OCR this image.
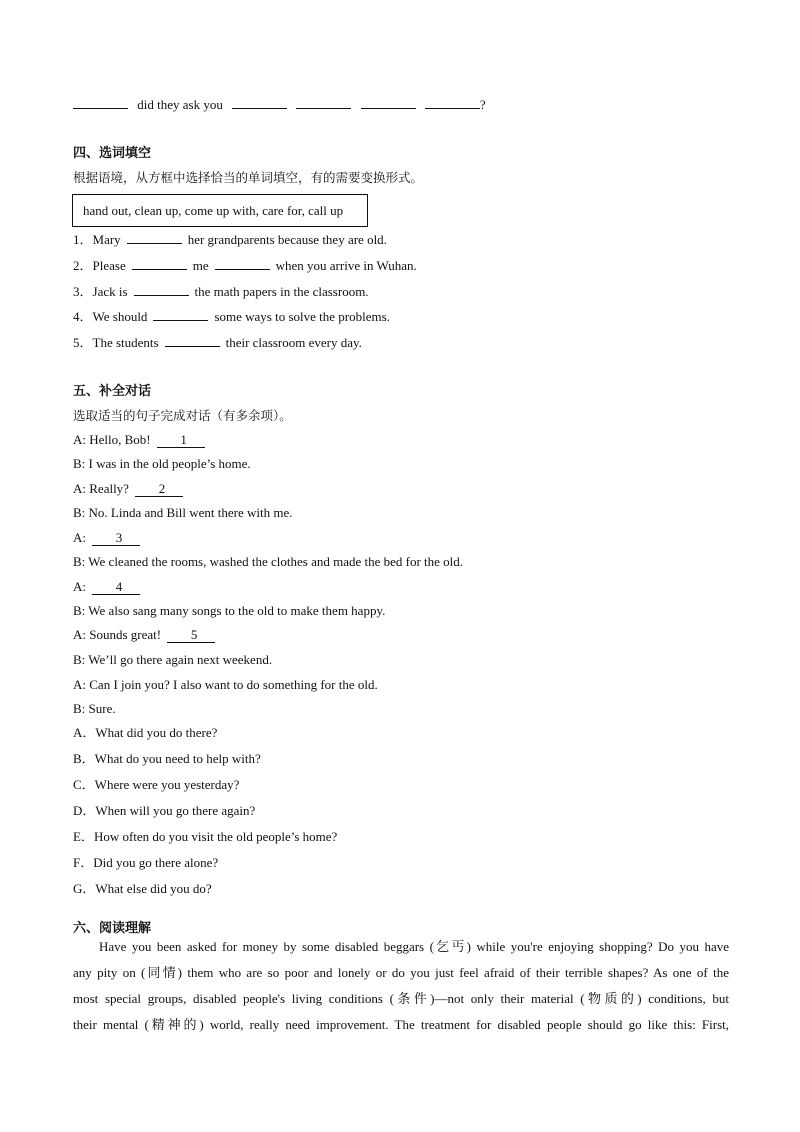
did they ask you	?
四、选词填空
根据语境，从方框中选择恰当的单词填空，有的需要变换形式。
hand out, clean up, come up with, care for, call up
1．Mary	her grandparents because they are old.
2．Please	me	when you arrive in Wuhan.
3．Jack is	the math papers in the classroom.
4．We should	some ways to solve the problems.
5．The students	their classroom every day.
五、补全对话
选取适当的句子完成对话（有多余项）。
A: Hello, Bob! 1
B: I was in the old people’s home.
A: Really? 2
B: No. Linda and Bill went there with me.
A: 3
B: We cleaned the rooms, washed the clothes and made the bed for the old.
A: 4
B: We also sang many songs to the old to make them happy.
A: Sounds great! 5
B: We’ll go there again next weekend.
A: Can I join you? I also want to do something for the old.
B: Sure.
A．What did you do there?
B．What do you need to help with?
C．Where were you yesterday?
D．When will you go there again?
E．How often do you visit the old people’s home?
F．Did you go there alone?
G．What else did you do?
六、阅读理解
Have you been asked for money by some disabled beggars (乞丐) while you're enjoying shopping? Do you have
any pity on (同情) them who are so poor and lonely or do you just feel afraid of their terrible shapes? As one of the
most special groups, disabled people's living conditions (条件)—not only their material (物质的) conditions, but
their mental (精神的) world, really need improvement. The treatment for disabled people should go like this: First,
